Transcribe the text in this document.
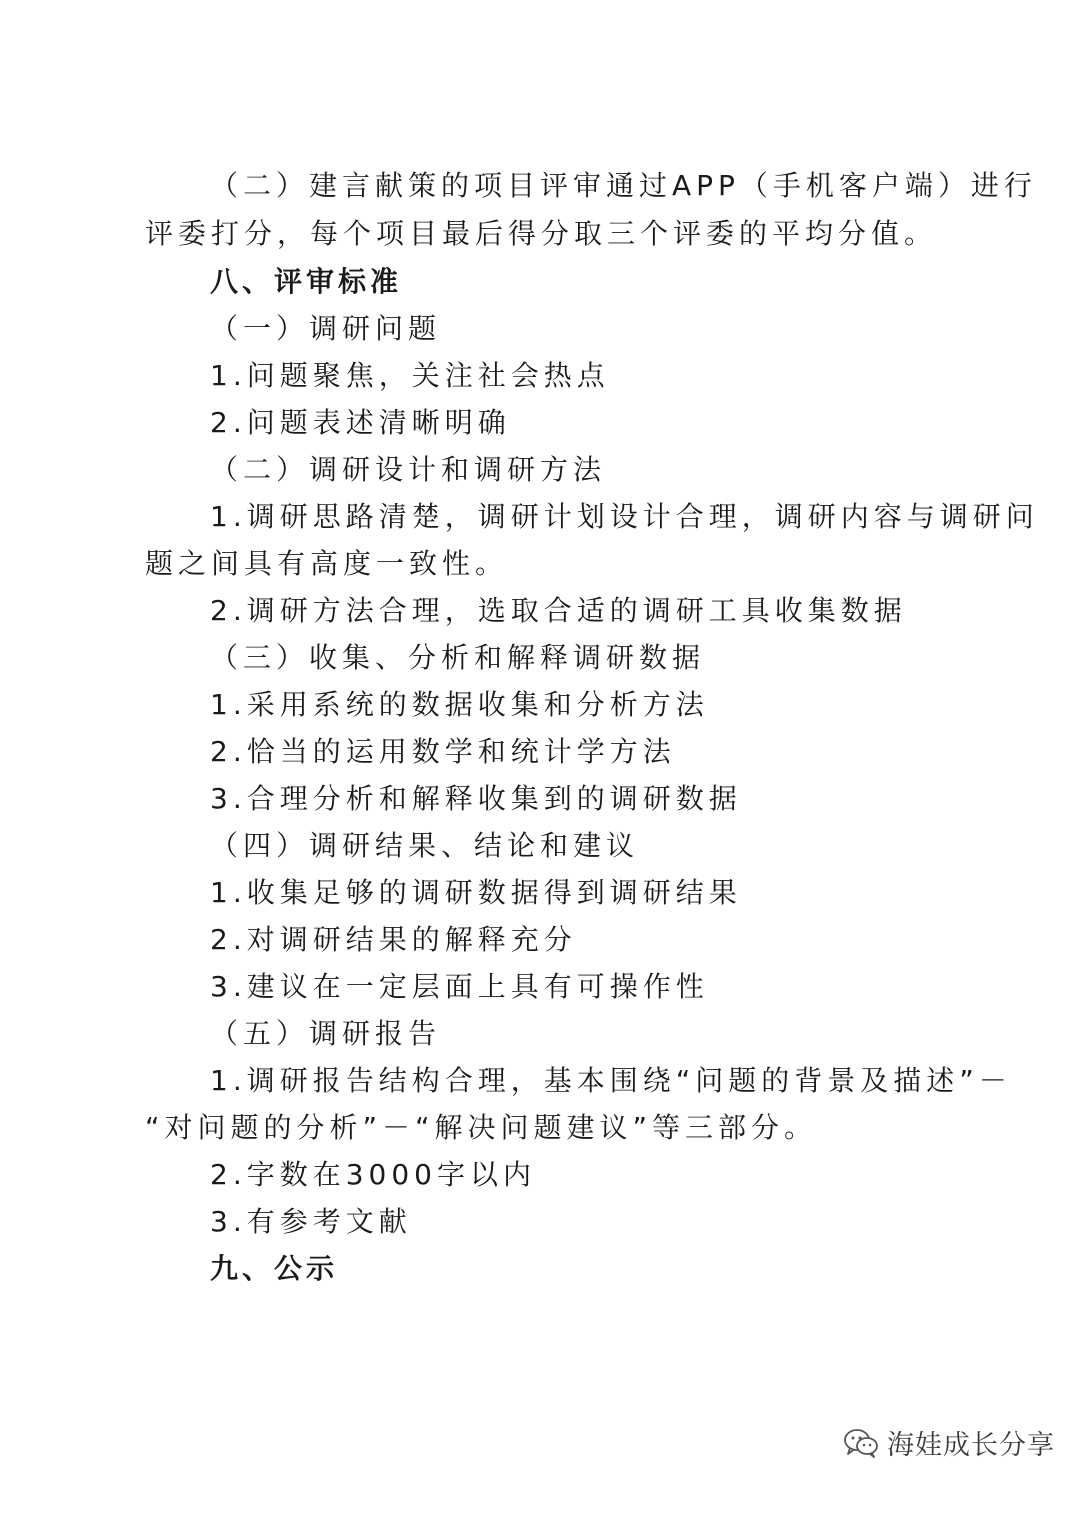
（二）建言献策的项目评审通过APP（手机客户端）进行
评委打分，每个项目最后得分取三个评委的平均分值。
八、评审标准
（一）调研问题
1.问题聚焦，关注社会热点
2.问题表述清晰明确
（二）调研设计和调研方法
1.调研思路清楚，调研计划设计合理，调研内容与调研问
题之间具有高度一致性。
2.调研方法合理，选取合适的调研工具收集数据
（三）收集、分析和解释调研数据
1.采用系统的数据收集和分析方法
2.恰当的运用数学和统计学方法
3.合理分析和解释收集到的调研数据
（四）调研结果、结论和建议
1.收集足够的调研数据得到调研结果
2.对调研结果的解释充分
3.建议在一定层面上具有可操作性
（五）调研报告
1.调研报告结构合理，基本围绕“问题的背景及描述”－
“对问题的分析”－“解决问题建议”等三部分。
2.字数在3000字以内
3.有参考文献
九、公示
海娃成长分享
